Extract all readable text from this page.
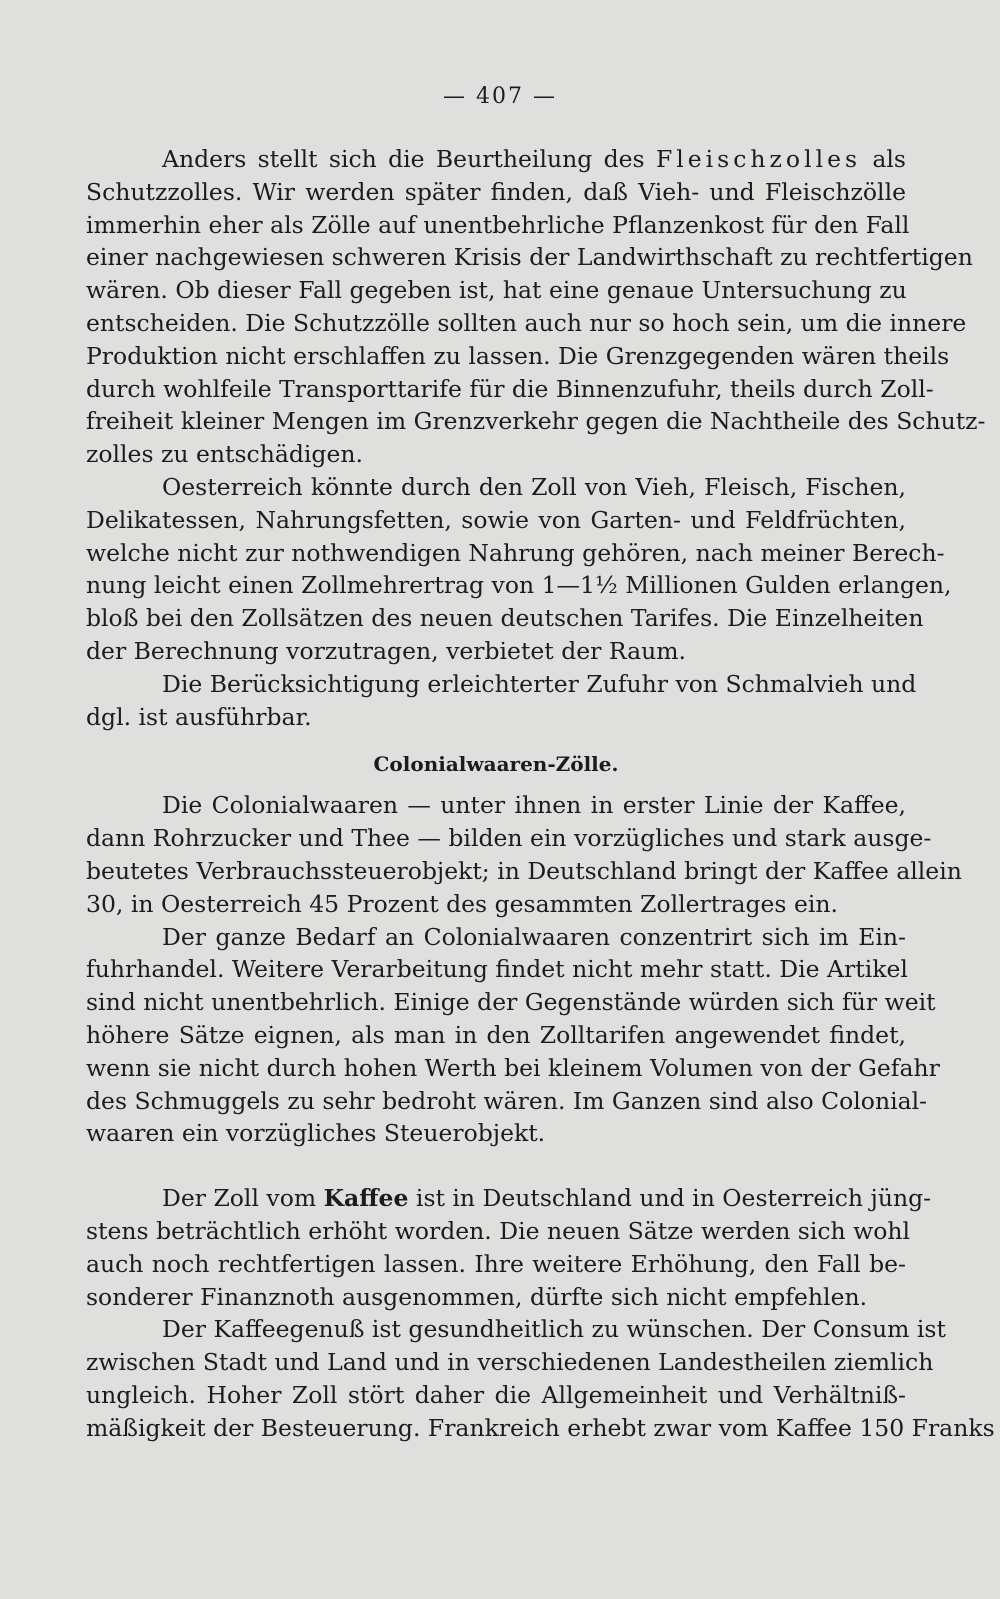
— 407 —
Anders stellt sich die Beurtheilung des Fleischzolles als
Schutzzolles. Wir werden später finden, daß Vieh- und Fleischzölle
immerhin eher als Zölle auf unentbehrliche Pflanzenkost für den Fall
einer nachgewiesen schweren Krisis der Landwirthschaft zu rechtfertigen
wären. Ob dieser Fall gegeben ist, hat eine genaue Untersuchung zu
entscheiden. Die Schutzzölle sollten auch nur so hoch sein, um die innere
Produktion nicht erschlaffen zu lassen. Die Grenzgegenden wären theils
durch wohlfeile Transporttarife für die Binnenzufuhr, theils durch Zoll-
freiheit kleiner Mengen im Grenzverkehr gegen die Nachtheile des Schutz-
zolles zu entschädigen.
Oesterreich könnte durch den Zoll von Vieh, Fleisch, Fischen,
Delikatessen, Nahrungsfetten, sowie von Garten- und Feldfrüchten,
welche nicht zur nothwendigen Nahrung gehören, nach meiner Berech-
nung leicht einen Zollmehrertrag von 1—1½ Millionen Gulden erlangen,
bloß bei den Zollsätzen des neuen deutschen Tarifes. Die Einzelheiten
der Berechnung vorzutragen, verbietet der Raum.
Die Berücksichtigung erleichterter Zufuhr von Schmalvieh und
dgl. ist ausführbar.
Colonialwaaren-Zölle.
Die Colonialwaaren — unter ihnen in erster Linie der Kaffee,
dann Rohrzucker und Thee — bilden ein vorzügliches und stark ausge-
beutetes Verbrauchssteuerobjekt; in Deutschland bringt der Kaffee allein
30, in Oesterreich 45 Prozent des gesammten Zollertrages ein.
Der ganze Bedarf an Colonialwaaren conzentrirt sich im Ein-
fuhrhandel. Weitere Verarbeitung findet nicht mehr statt. Die Artikel
sind nicht unentbehrlich. Einige der Gegenstände würden sich für weit
höhere Sätze eignen, als man in den Zolltarifen angewendet findet,
wenn sie nicht durch hohen Werth bei kleinem Volumen von der Gefahr
des Schmuggels zu sehr bedroht wären. Im Ganzen sind also Colonial-
waaren ein vorzügliches Steuerobjekt.
Der Zoll vom Kaffee ist in Deutschland und in Oesterreich jüng-
stens beträchtlich erhöht worden. Die neuen Sätze werden sich wohl
auch noch rechtfertigen lassen. Ihre weitere Erhöhung, den Fall be-
sonderer Finanznoth ausgenommen, dürfte sich nicht empfehlen.
Der Kaffeegenuß ist gesundheitlich zu wünschen. Der Consum ist
zwischen Stadt und Land und in verschiedenen Landestheilen ziemlich
ungleich. Hoher Zoll stört daher die Allgemeinheit und Verhältniß-
mäßigkeit der Besteuerung. Frankreich erhebt zwar vom Kaffee 150 Franks
